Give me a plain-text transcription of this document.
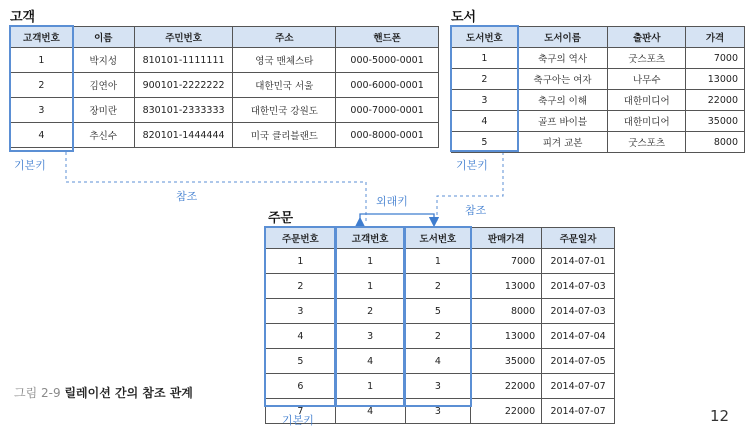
고객
고객번호	이름	주민번호	주소	핸드폰
1	박지성	810101-1111111	영국 맨체스타	000-5000-0001
2	김연아	900101-2222222	대한민국 서울	000-6000-0001
3	장미란	830101-2333333	대한민국 강원도	000-7000-0001
4	추신수	820101-1444444	미국 클리블랜드	000-8000-0001
기본키
참조
도서
도서번호	도서이름	출판사	가격
1	축구의 역사	굿스포츠	7000
2	축구아는 여자	나무수	13000
3	축구의 이해	대한미디어	22000
4	골프 바이블	대한미디어	35000
5	피겨 교본	굿스포츠	8000
기본키
참조
주문
외래키
주문번호	고객번호	도서번호	판매가격	주문일자
1	1	1	7000	2014-07-01
2	1	2	13000	2014-07-03
3	2	5	8000	2014-07-03
4	3	2	13000	2014-07-04
5	4	4	35000	2014-07-05
6	1	3	22000	2014-07-07
7	4	3	22000	2014-07-07
기본키
그림 2-9 릴레이션 간의 참조 관계
12
